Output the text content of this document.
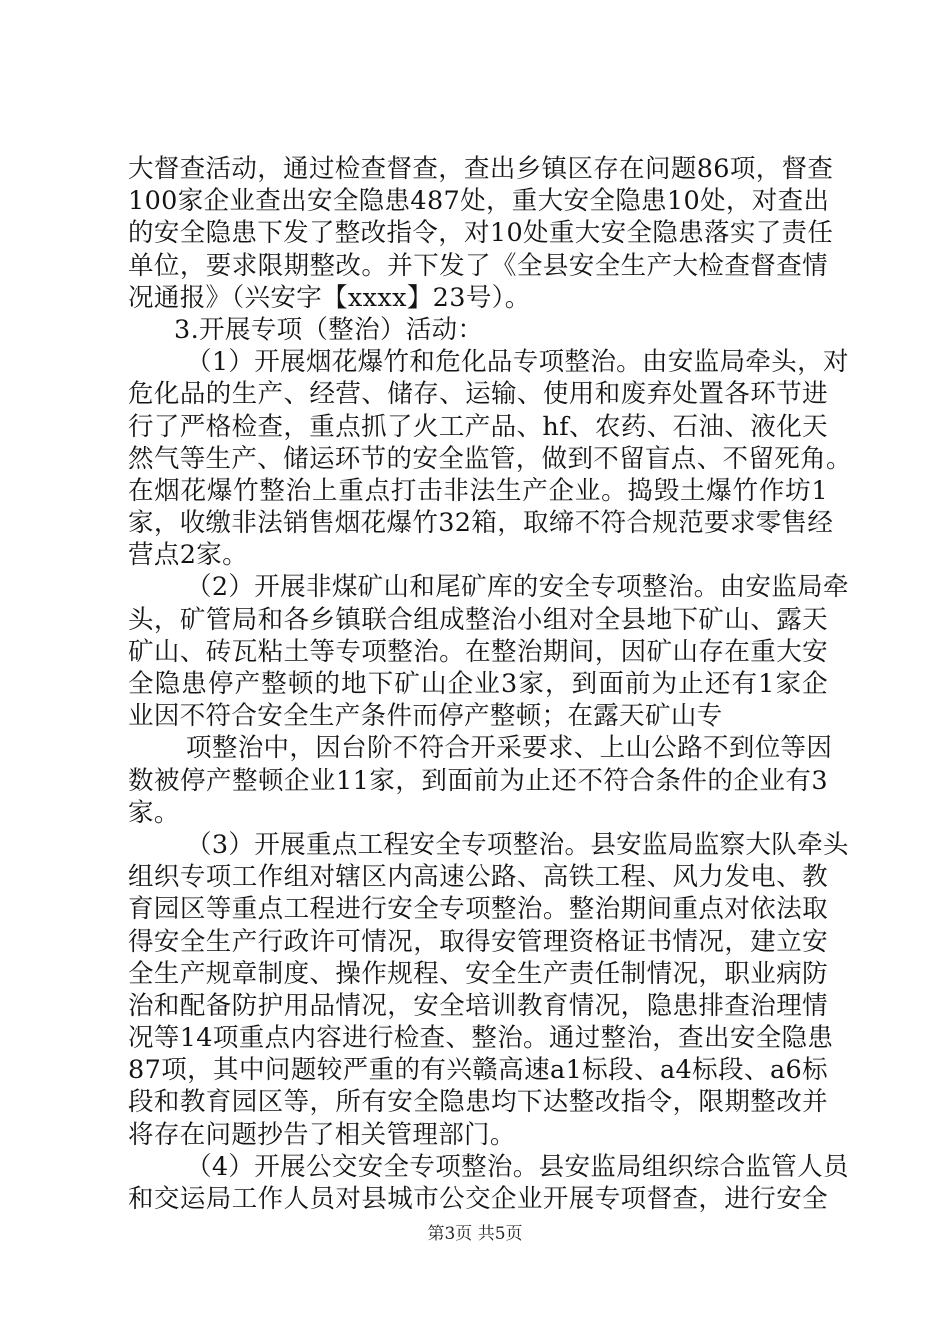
大督查活动，通过检查督查，查出乡镇区存在问题86项，督查
100家企业查出安全隐患487处，重大安全隐患10处，对查出
的安全隐患下发了整改指令，对10处重大安全隐患落实了责任
单位，要求限期整改。并下发了《全县安全生产大检查督查情
况通报》（兴安字【xxxx】23号）。
3.开展专项（整治）活动：
（1）开展烟花爆竹和危化品专项整治。由安监局牵头，对
危化品的生产、经营、储存、运输、使用和废弃处置各环节进
行了严格检查，重点抓了火工产品、hf、农药、石油、液化天
然气等生产、储运环节的安全监管，做到不留盲点、不留死角。
在烟花爆竹整治上重点打击非法生产企业。捣毁土爆竹作坊1
家，收缴非法销售烟花爆竹32箱，取缔不符合规范要求零售经
营点2家。
（2）开展非煤矿山和尾矿库的安全专项整治。由安监局牵
头，矿管局和各乡镇联合组成整治小组对全县地下矿山、露天
矿山、砖瓦粘土等专项整治。在整治期间，因矿山存在重大安
全隐患停产整顿的地下矿山企业3家，到面前为止还有1家企
业因不符合安全生产条件而停产整顿；在露天矿山专
项整治中，因台阶不符合开采要求、上山公路不到位等因
数被停产整顿企业11家，到面前为止还不符合条件的企业有3
家。
（3）开展重点工程安全专项整治。县安监局监察大队牵头
组织专项工作组对辖区内高速公路、高铁工程、风力发电、教
育园区等重点工程进行安全专项整治。整治期间重点对依法取
得安全生产行政许可情况，取得安管理资格证书情况，建立安
全生产规章制度、操作规程、安全生产责任制情况，职业病防
治和配备防护用品情况，安全培训教育情况，隐患排查治理情
况等14项重点内容进行检查、整治。通过整治，查出安全隐患
87项，其中问题较严重的有兴赣高速a1标段、a4标段、a6标
段和教育园区等，所有安全隐患均下达整改指令，限期整改并
将存在问题抄告了相关管理部门。
（4）开展公交安全专项整治。县安监局组织综合监管人员
和交运局工作人员对县城市公交企业开展专项督查，进行安全
第3页 共5页
